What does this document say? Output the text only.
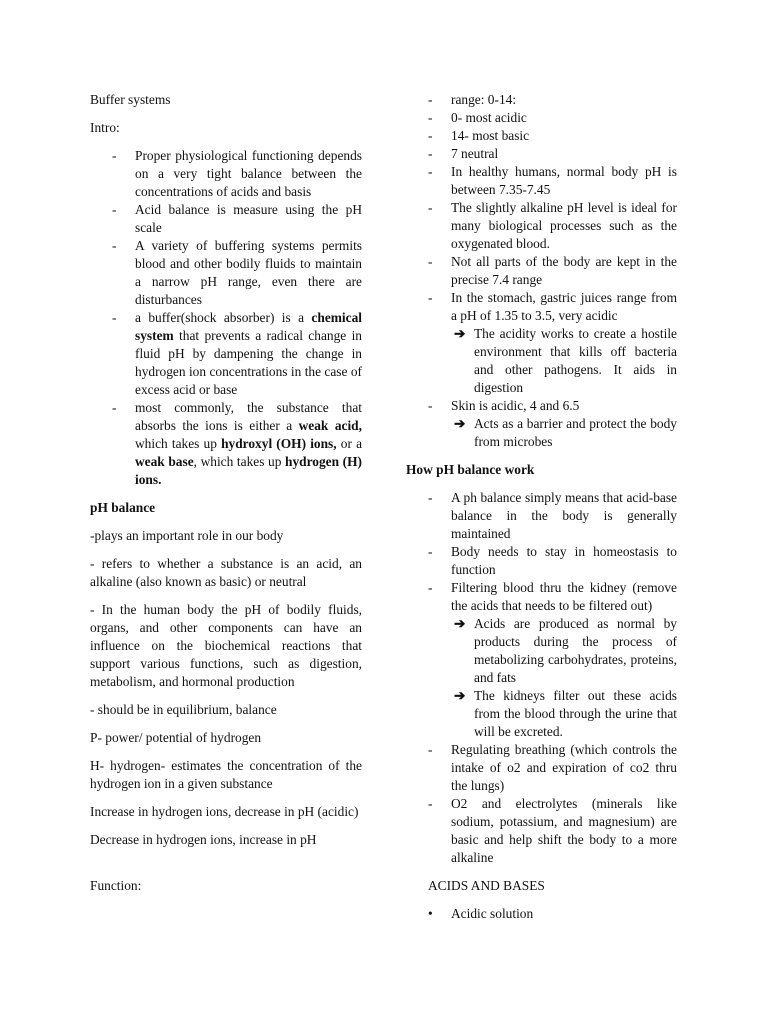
Buffer systems

Intro:

- Proper physiological functioning depends on a very tight balance between the concentrations of acids and basis
- Acid balance is measure using the pH scale
- A variety of buffering systems permits blood and other bodily fluids to maintain a narrow pH range, even there are disturbances
- a buffer(shock absorber) is a chemical system that prevents a radical change in fluid pH by dampening the change in hydrogen ion concentrations in the case of excess acid or base
- most commonly, the substance that absorbs the ions is either a weak acid, which takes up hydroxyl (OH) ions, or a weak base, which takes up hydrogen (H) ions.

pH balance

-plays an important role in our body

- refers to whether a substance is an acid, an alkaline (also known as basic) or neutral

- In the human body the pH of bodily fluids, organs, and other components can have an influence on the biochemical reactions that support various functions, such as digestion, metabolism, and hormonal production

- should be in equilibrium, balance

P- power/ potential of hydrogen

H- hydrogen- estimates the concentration of the hydrogen ion in a given substance

Increase in hydrogen ions, decrease in pH (acidic)

Decrease in hydrogen ions, increase in pH

Function:

- range: 0-14:
- 0- most acidic
- 14- most basic
- 7 neutral
- In healthy humans, normal body pH is between 7.35-7.45
- The slightly alkaline pH level is ideal for many biological processes such as the oxygenated blood.
- Not all parts of the body are kept in the precise 7.4 range
- In the stomach, gastric juices range from a pH of 1.35 to 3.5, very acidic
➔ The acidity works to create a hostile environment that kills off bacteria and other pathogens. It aids in digestion
- Skin is acidic, 4 and 6.5
➔ Acts as a barrier and protect the body from microbes

How pH balance work

- A ph balance simply means that acid-base balance in the body is generally maintained
- Body needs to stay in homeostasis to function
- Filtering blood thru the kidney (remove the acids that needs to be filtered out)
➔ Acids are produced as normal by products during the process of metabolizing carbohydrates, proteins, and fats
➔ The kidneys filter out these acids from the blood through the urine that will be excreted.
- Regulating breathing (which controls the intake of o2 and expiration of co2 thru the lungs)
- O2 and electrolytes (minerals like sodium, potassium, and magnesium) are basic and help shift the body to a more alkaline

ACIDS AND BASES

• Acidic solution
